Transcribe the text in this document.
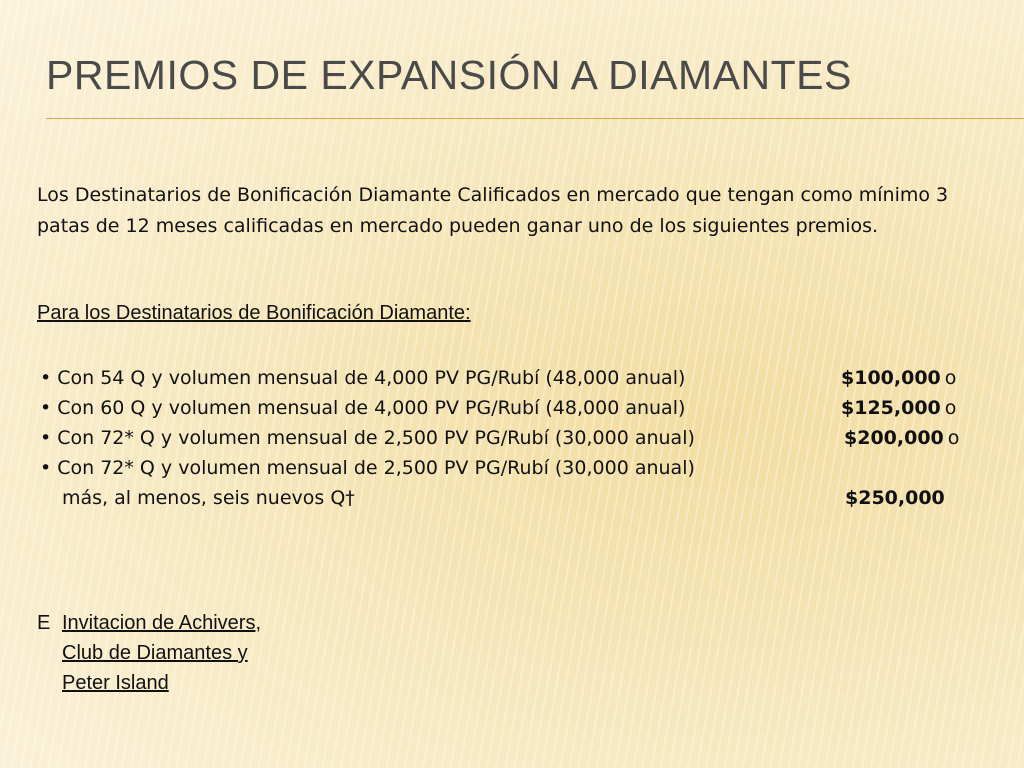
PREMIOS DE EXPANSIÓN A DIAMANTES

Los Destinatarios de Bonificación Diamante Calificados en mercado que tengan como mínimo 3 patas de 12 meses calificadas en mercado pueden ganar uno de los siguientes premios.

Para los Destinatarios de Bonificación Diamante:

• Con 54 Q y volumen mensual de 4,000 PV PG/Rubí (48,000 anual)	$100,000 o
• Con 60 Q y volumen mensual de 4,000 PV PG/Rubí (48,000 anual)	$125,000 o
• Con 72* Q y volumen mensual de 2,500 PV PG/Rubí (30,000 anual)	$200,000 o
• Con 72* Q y volumen mensual de 2,500 PV PG/Rubí (30,000 anual)
más, al menos, seis nuevos Q†	$250,000
E Invitacion de Achivers,
Club de Diamantes y
Peter Island
